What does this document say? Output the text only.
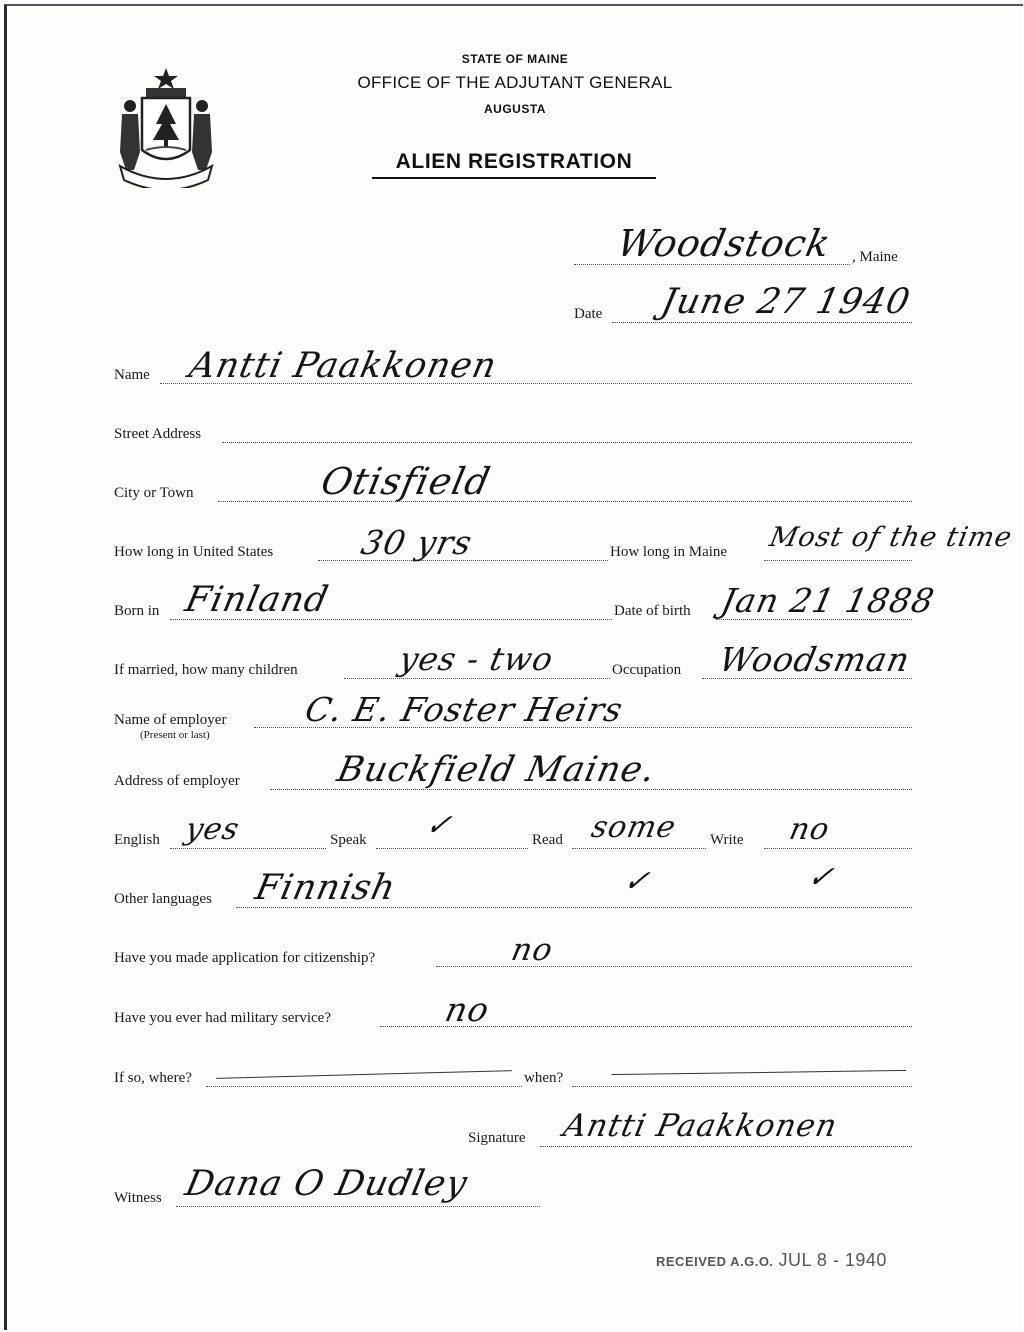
STATE OF MAINE
OFFICE OF THE ADJUTANT GENERAL
AUGUSTA
ALIEN REGISTRATION
Woodstock , Maine
Date June 27 1940
Name Antti Paakkonen
Street Address
City or Town	Otisfield
How long in United States	30 yrs	How long in Maine Most of the time
Born in Finland	Date of birth Jan 21 1888
If married, how many children	yes - two	Occupation Woodsman
Name of employer
(Present or last)
C. E. Foster Heirs
Address of employer	Buckfield Maine.
English yes	Speak ✓	Read some Write no
Other languages Finnish	✓	✓
Have you made application for citizenship?	no
Have you ever had military service?	no
If so, where?	when?
Signature Antti Paakkonen
Witness Dana O Dudley
RECEIVED A.G.O. JUL 8 - 1940
